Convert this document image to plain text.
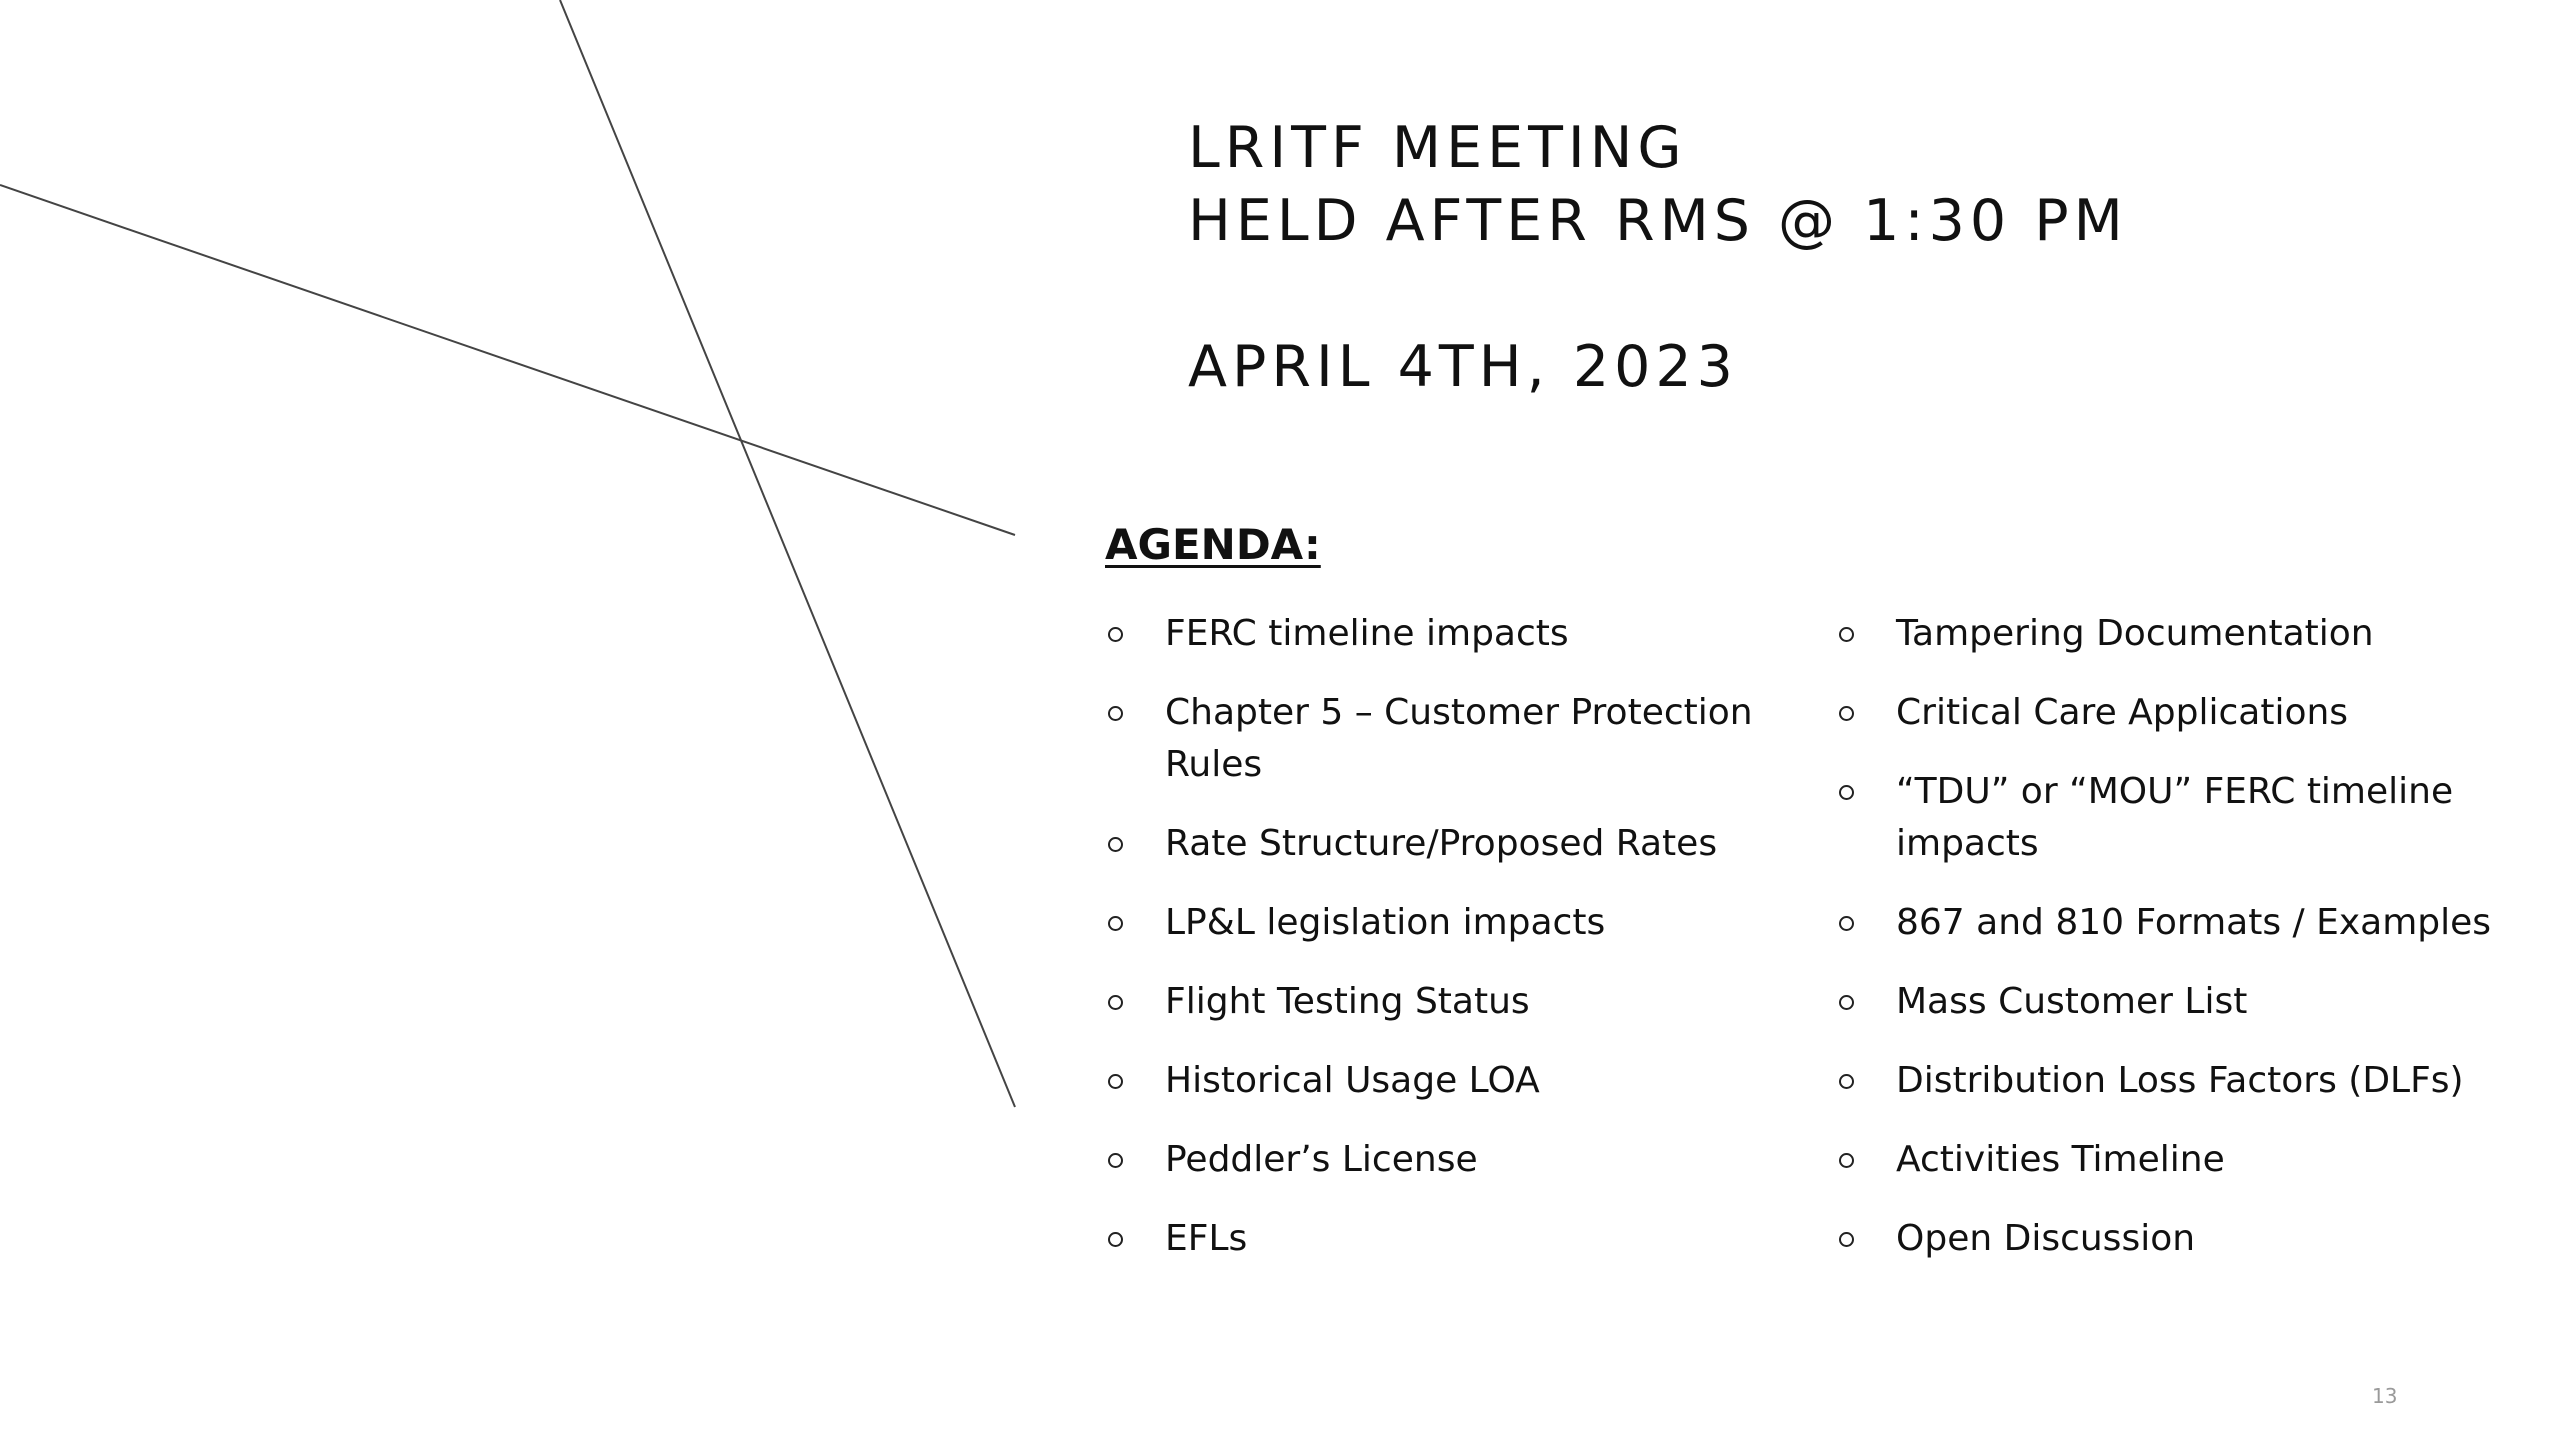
LRITF MEETING
HELD AFTER RMS @ 1:30 PM
APRIL 4TH, 2023
AGENDA:
FERC timeline impacts
Chapter 5 – Customer Protection Rules
Rate Structure/Proposed Rates
LP&L legislation impacts
Flight Testing Status
Historical Usage LOA
Peddler’s License
EFLs
Tampering Documentation
Critical Care Applications
“TDU” or “MOU” FERC timeline impacts
867 and 810 Formats / Examples
Mass Customer List
Distribution Loss Factors (DLFs)
Activities Timeline
Open Discussion
13
